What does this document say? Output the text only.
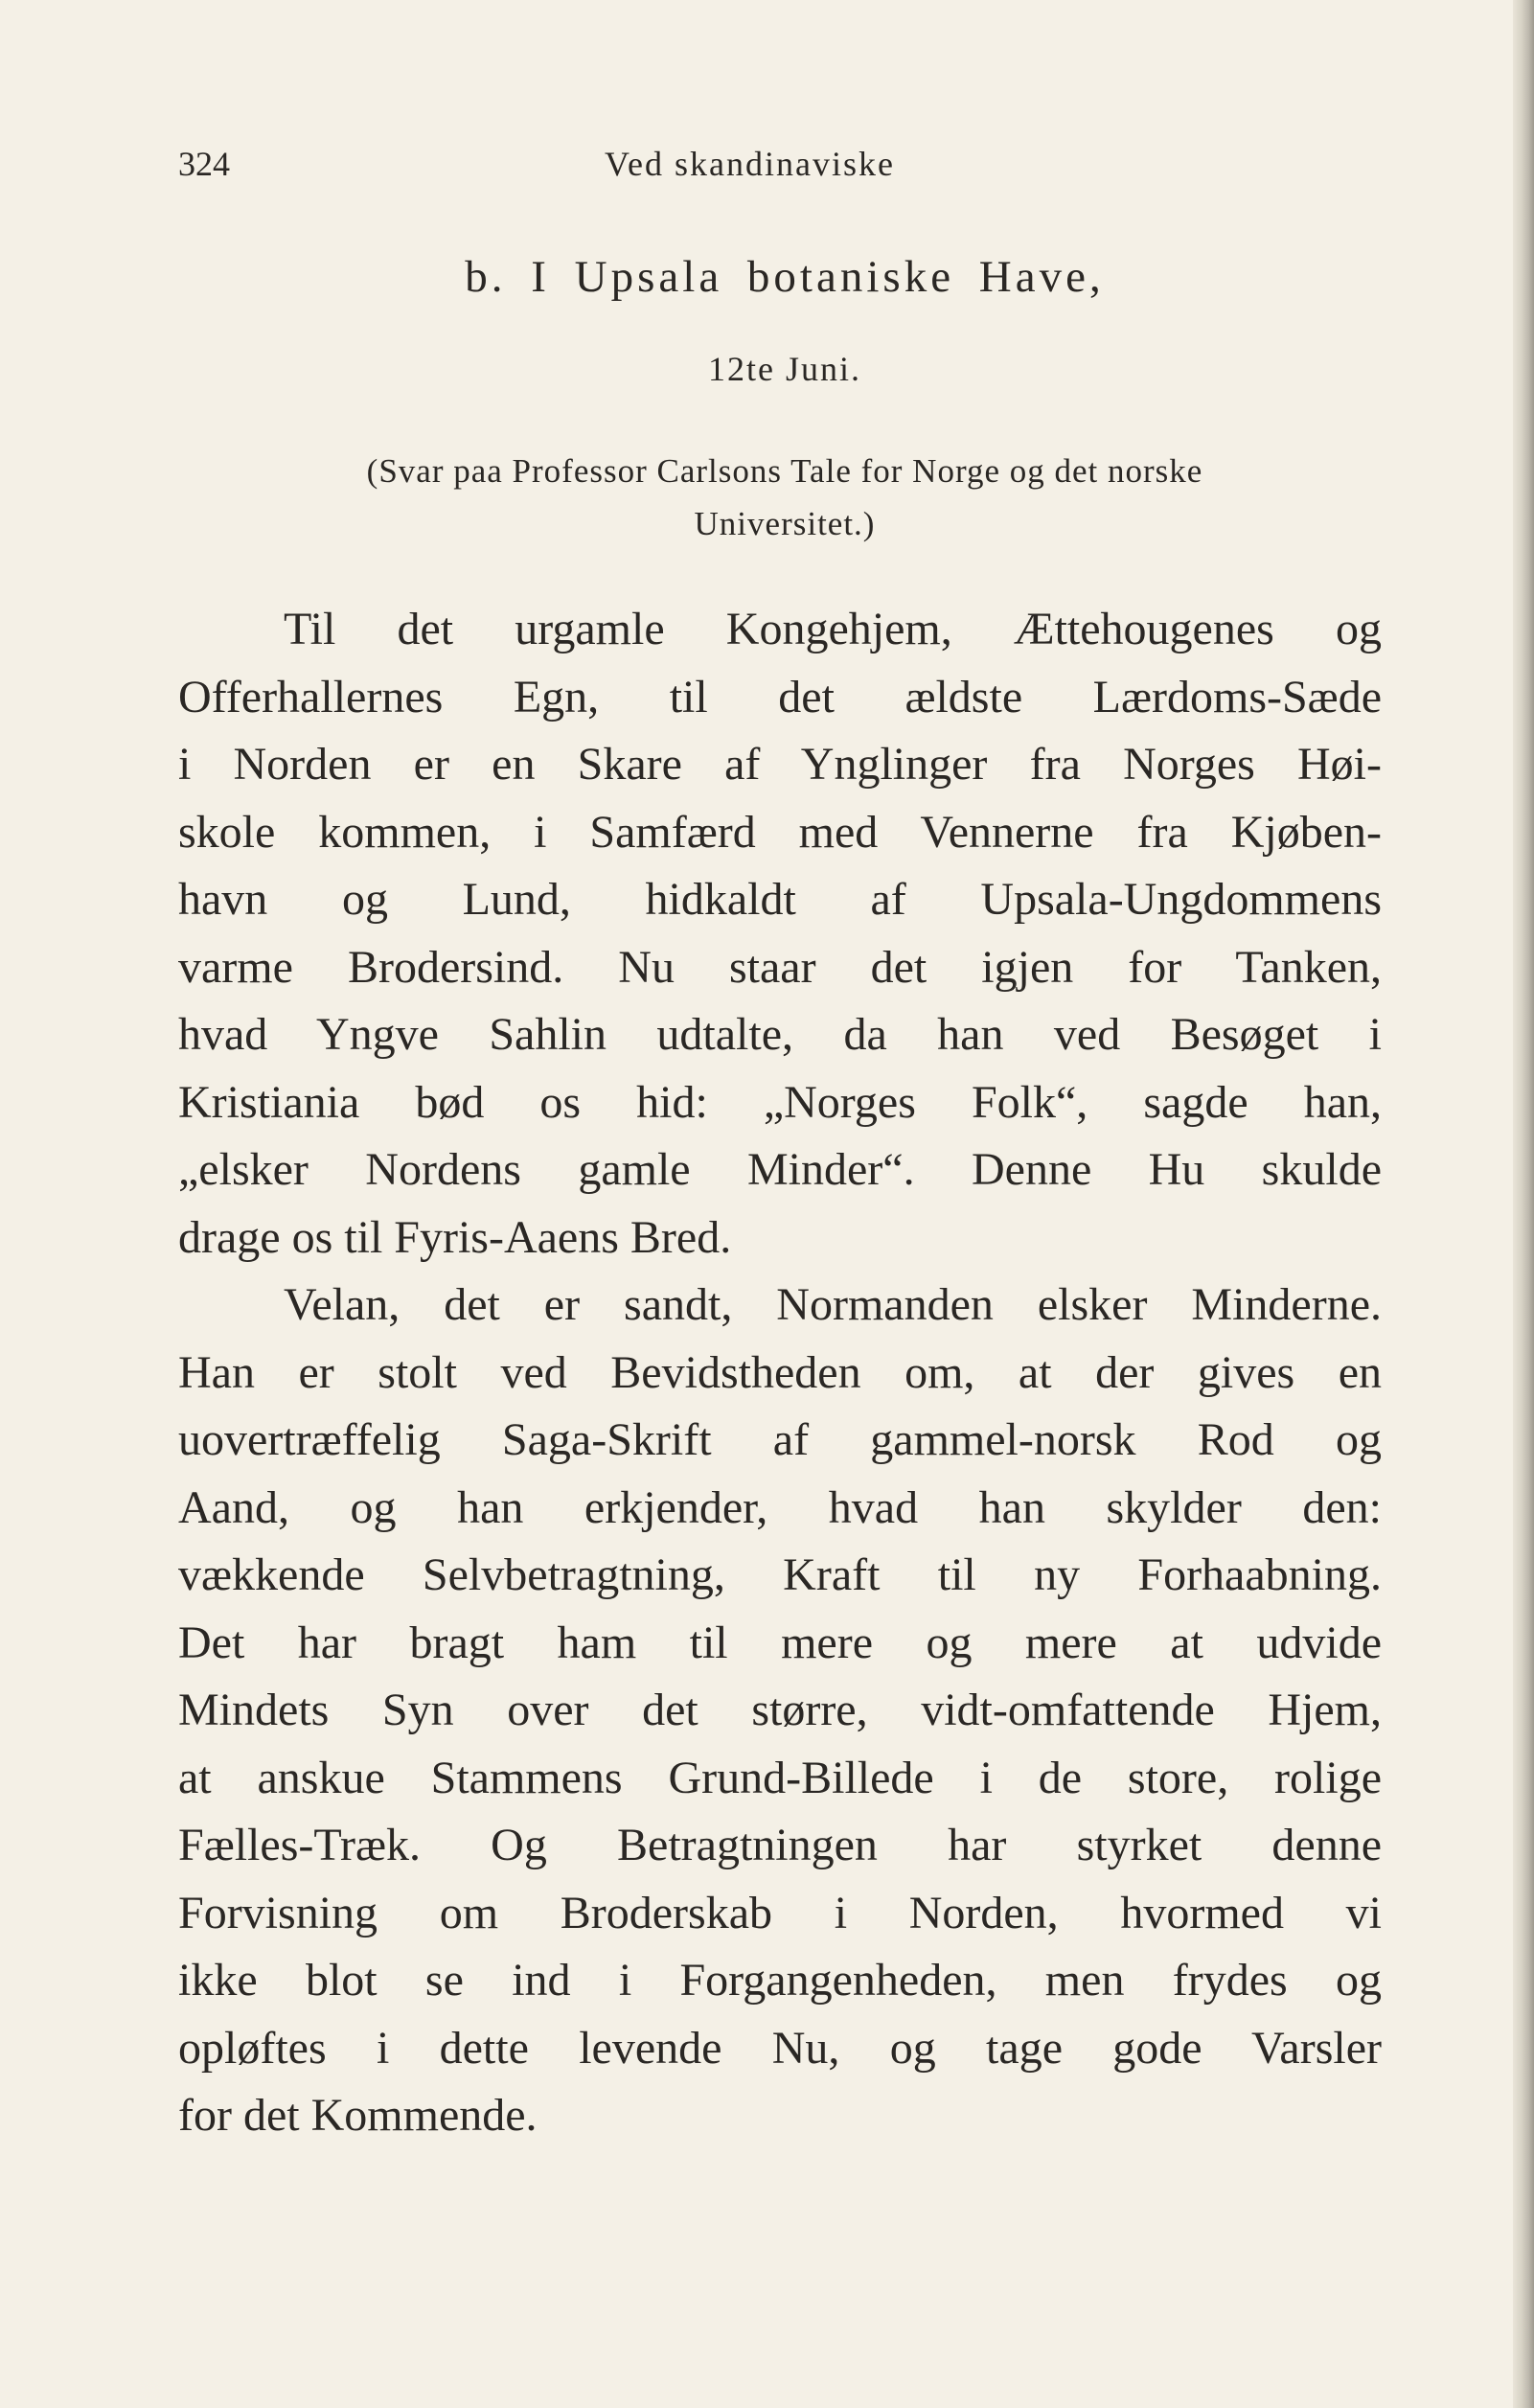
324	Ved skandinaviske
b. I Upsala botaniske Have,
12te Juni.
(Svar paa Professor Carlsons Tale for Norge og det norske
Universitet.)
Til det urgamle Kongehjem, Ættehougenes og
Offerhallernes Egn, til det ældste Lærdoms-Sæde
i Norden er en Skare af Ynglinger fra Norges Høi-
skole kommen, i Samfærd med Vennerne fra Kjøben-
havn og Lund, hidkaldt af Upsala-Ungdommens
varme Brodersind. Nu staar det igjen for Tanken,
hvad Yngve Sahlin udtalte, da han ved Besøget i
Kristiania bød os hid: „Norges Folk“, sagde han,
„elsker Nordens gamle Minder“. Denne Hu skulde
drage os til Fyris-Aaens Bred.
Velan, det er sandt, Normanden elsker Minderne.
Han er stolt ved Bevidstheden om, at der gives en
uovertræffelig Saga-Skrift af gammel-norsk Rod og
Aand, og han erkjender, hvad han skylder den:
vækkende Selvbetragtning, Kraft til ny Forhaabning.
Det har bragt ham til mere og mere at udvide
Mindets Syn over det større, vidt-omfattende Hjem,
at anskue Stammens Grund-Billede i de store, rolige
Fælles-Træk. Og Betragtningen har styrket denne
Forvisning om Broderskab i Norden, hvormed vi
ikke blot se ind i Forgangenheden, men frydes og
opløftes i dette levende Nu, og tage gode Varsler
for det Kommende.
